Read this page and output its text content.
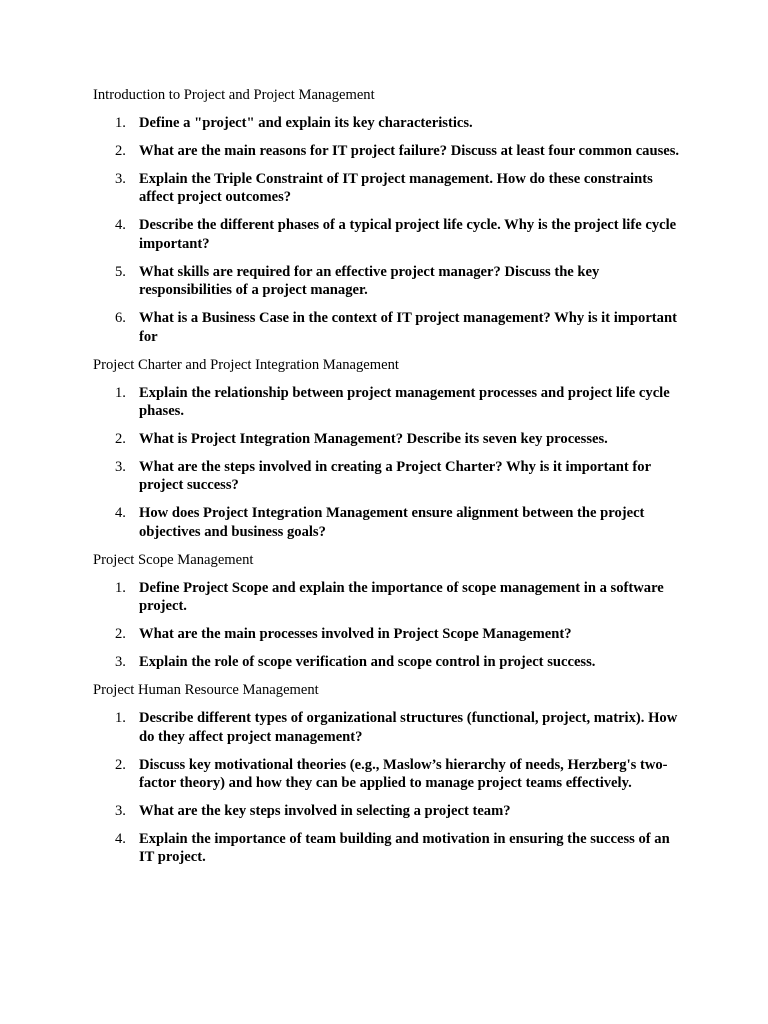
Introduction to Project and Project Management
1. Define a "project" and explain its key characteristics.
2. What are the main reasons for IT project failure? Discuss at least four common causes.
3. Explain the Triple Constraint of IT project management. How do these constraints affect project outcomes?
4. Describe the different phases of a typical project life cycle. Why is the project life cycle important?
5. What skills are required for an effective project manager? Discuss the key responsibilities of a project manager.
6. What is a Business Case in the context of IT project management? Why is it important for
Project Charter and Project Integration Management
1. Explain the relationship between project management processes and project life cycle phases.
2. What is Project Integration Management? Describe its seven key processes.
3. What are the steps involved in creating a Project Charter? Why is it important for project success?
4. How does Project Integration Management ensure alignment between the project objectives and business goals?
Project Scope Management
1. Define Project Scope and explain the importance of scope management in a software project.
2. What are the main processes involved in Project Scope Management?
3. Explain the role of scope verification and scope control in project success.
Project Human Resource Management
1. Describe different types of organizational structures (functional, project, matrix). How do they affect project management?
2. Discuss key motivational theories (e.g., Maslow’s hierarchy of needs, Herzberg's two-factor theory) and how they can be applied to manage project teams effectively.
3. What are the key steps involved in selecting a project team?
4. Explain the importance of team building and motivation in ensuring the success of an IT project.
